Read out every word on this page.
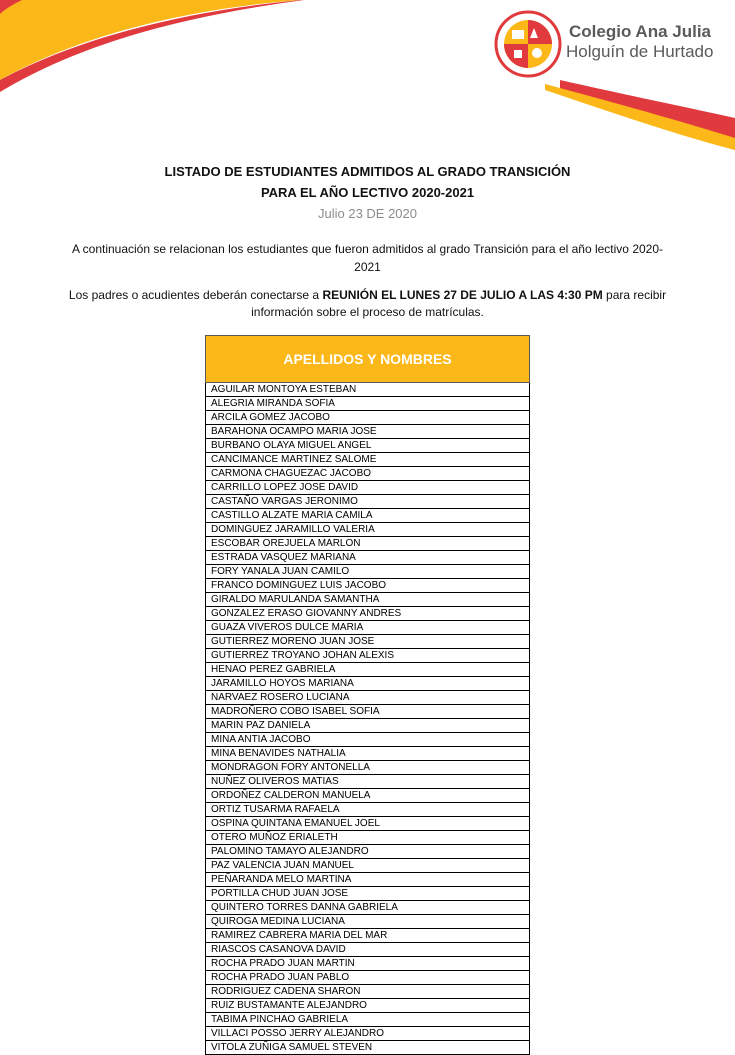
Colegio Ana Julia
Holguín de Hurtado
LISTADO DE ESTUDIANTES ADMITIDOS AL GRADO TRANSICIÓN
PARA EL AÑO LECTIVO 2020-2021
Julio 23 DE 2020
A continuación se relacionan los estudiantes que fueron admitidos al grado Transición para el año lectivo 2020-2021
Los padres o acudientes deberán conectarse a REUNIÓN EL LUNES 27 DE JULIO A LAS 4:30 PM para recibir información sobre el proceso de matrículas.
APELLIDOS Y NOMBRES
AGUILAR MONTOYA ESTEBAN
ALEGRIA MIRANDA SOFIA
ARCILA GOMEZ JACOBO
BARAHONA OCAMPO MARIA JOSE
BURBANO OLAYA MIGUEL ANGEL
CANCIMANCE MARTINEZ SALOME
CARMONA CHAGUEZAC JACOBO
CARRILLO LOPEZ JOSE DAVID
CASTAÑO VARGAS JERONIMO
CASTILLO ALZATE MARIA CAMILA
DOMINGUEZ JARAMILLO VALERIA
ESCOBAR OREJUELA MARLON
ESTRADA VASQUEZ MARIANA
FORY YANALA JUAN CAMILO
FRANCO DOMINGUEZ LUIS JACOBO
GIRALDO MARULANDA SAMANTHA
GONZALEZ ERASO GIOVANNY ANDRES
GUAZA VIVEROS DULCE MARIA
GUTIERREZ MORENO JUAN JOSE
GUTIERREZ TROYANO JOHAN ALEXIS
HENAO PEREZ GABRIELA
JARAMILLO HOYOS MARIANA
NARVAEZ ROSERO LUCIANA
MADROÑERO COBO ISABEL SOFIA
MARIN PAZ DANIELA
MINA ANTIA JACOBO
MINA BENAVIDES NATHALIA
MONDRAGON FORY ANTONELLA
NUÑEZ OLIVEROS MATIAS
ORDOÑEZ CALDERON MANUELA
ORTIZ TUSARMA RAFAELA
OSPINA QUINTANA EMANUEL JOEL
OTERO MUÑOZ ERIALETH
PALOMINO TAMAYO ALEJANDRO
PAZ VALENCIA JUAN MANUEL
PEÑARANDA MELO MARTINA
PORTILLA CHUD JUAN JOSE
QUINTERO TORRES DANNA GABRIELA
QUIROGA MEDINA LUCIANA
RAMIREZ CABRERA MARIA DEL MAR
RIASCOS CASANOVA DAVID
ROCHA PRADO JUAN MARTIN
ROCHA PRADO JUAN PABLO
RODRIGUEZ CADENA SHARON
RUIZ BUSTAMANTE ALEJANDRO
TABIMA PINCHAO GABRIELA
VILLACI POSSO JERRY ALEJANDRO
VITOLA ZUÑIGA SAMUEL STEVEN
